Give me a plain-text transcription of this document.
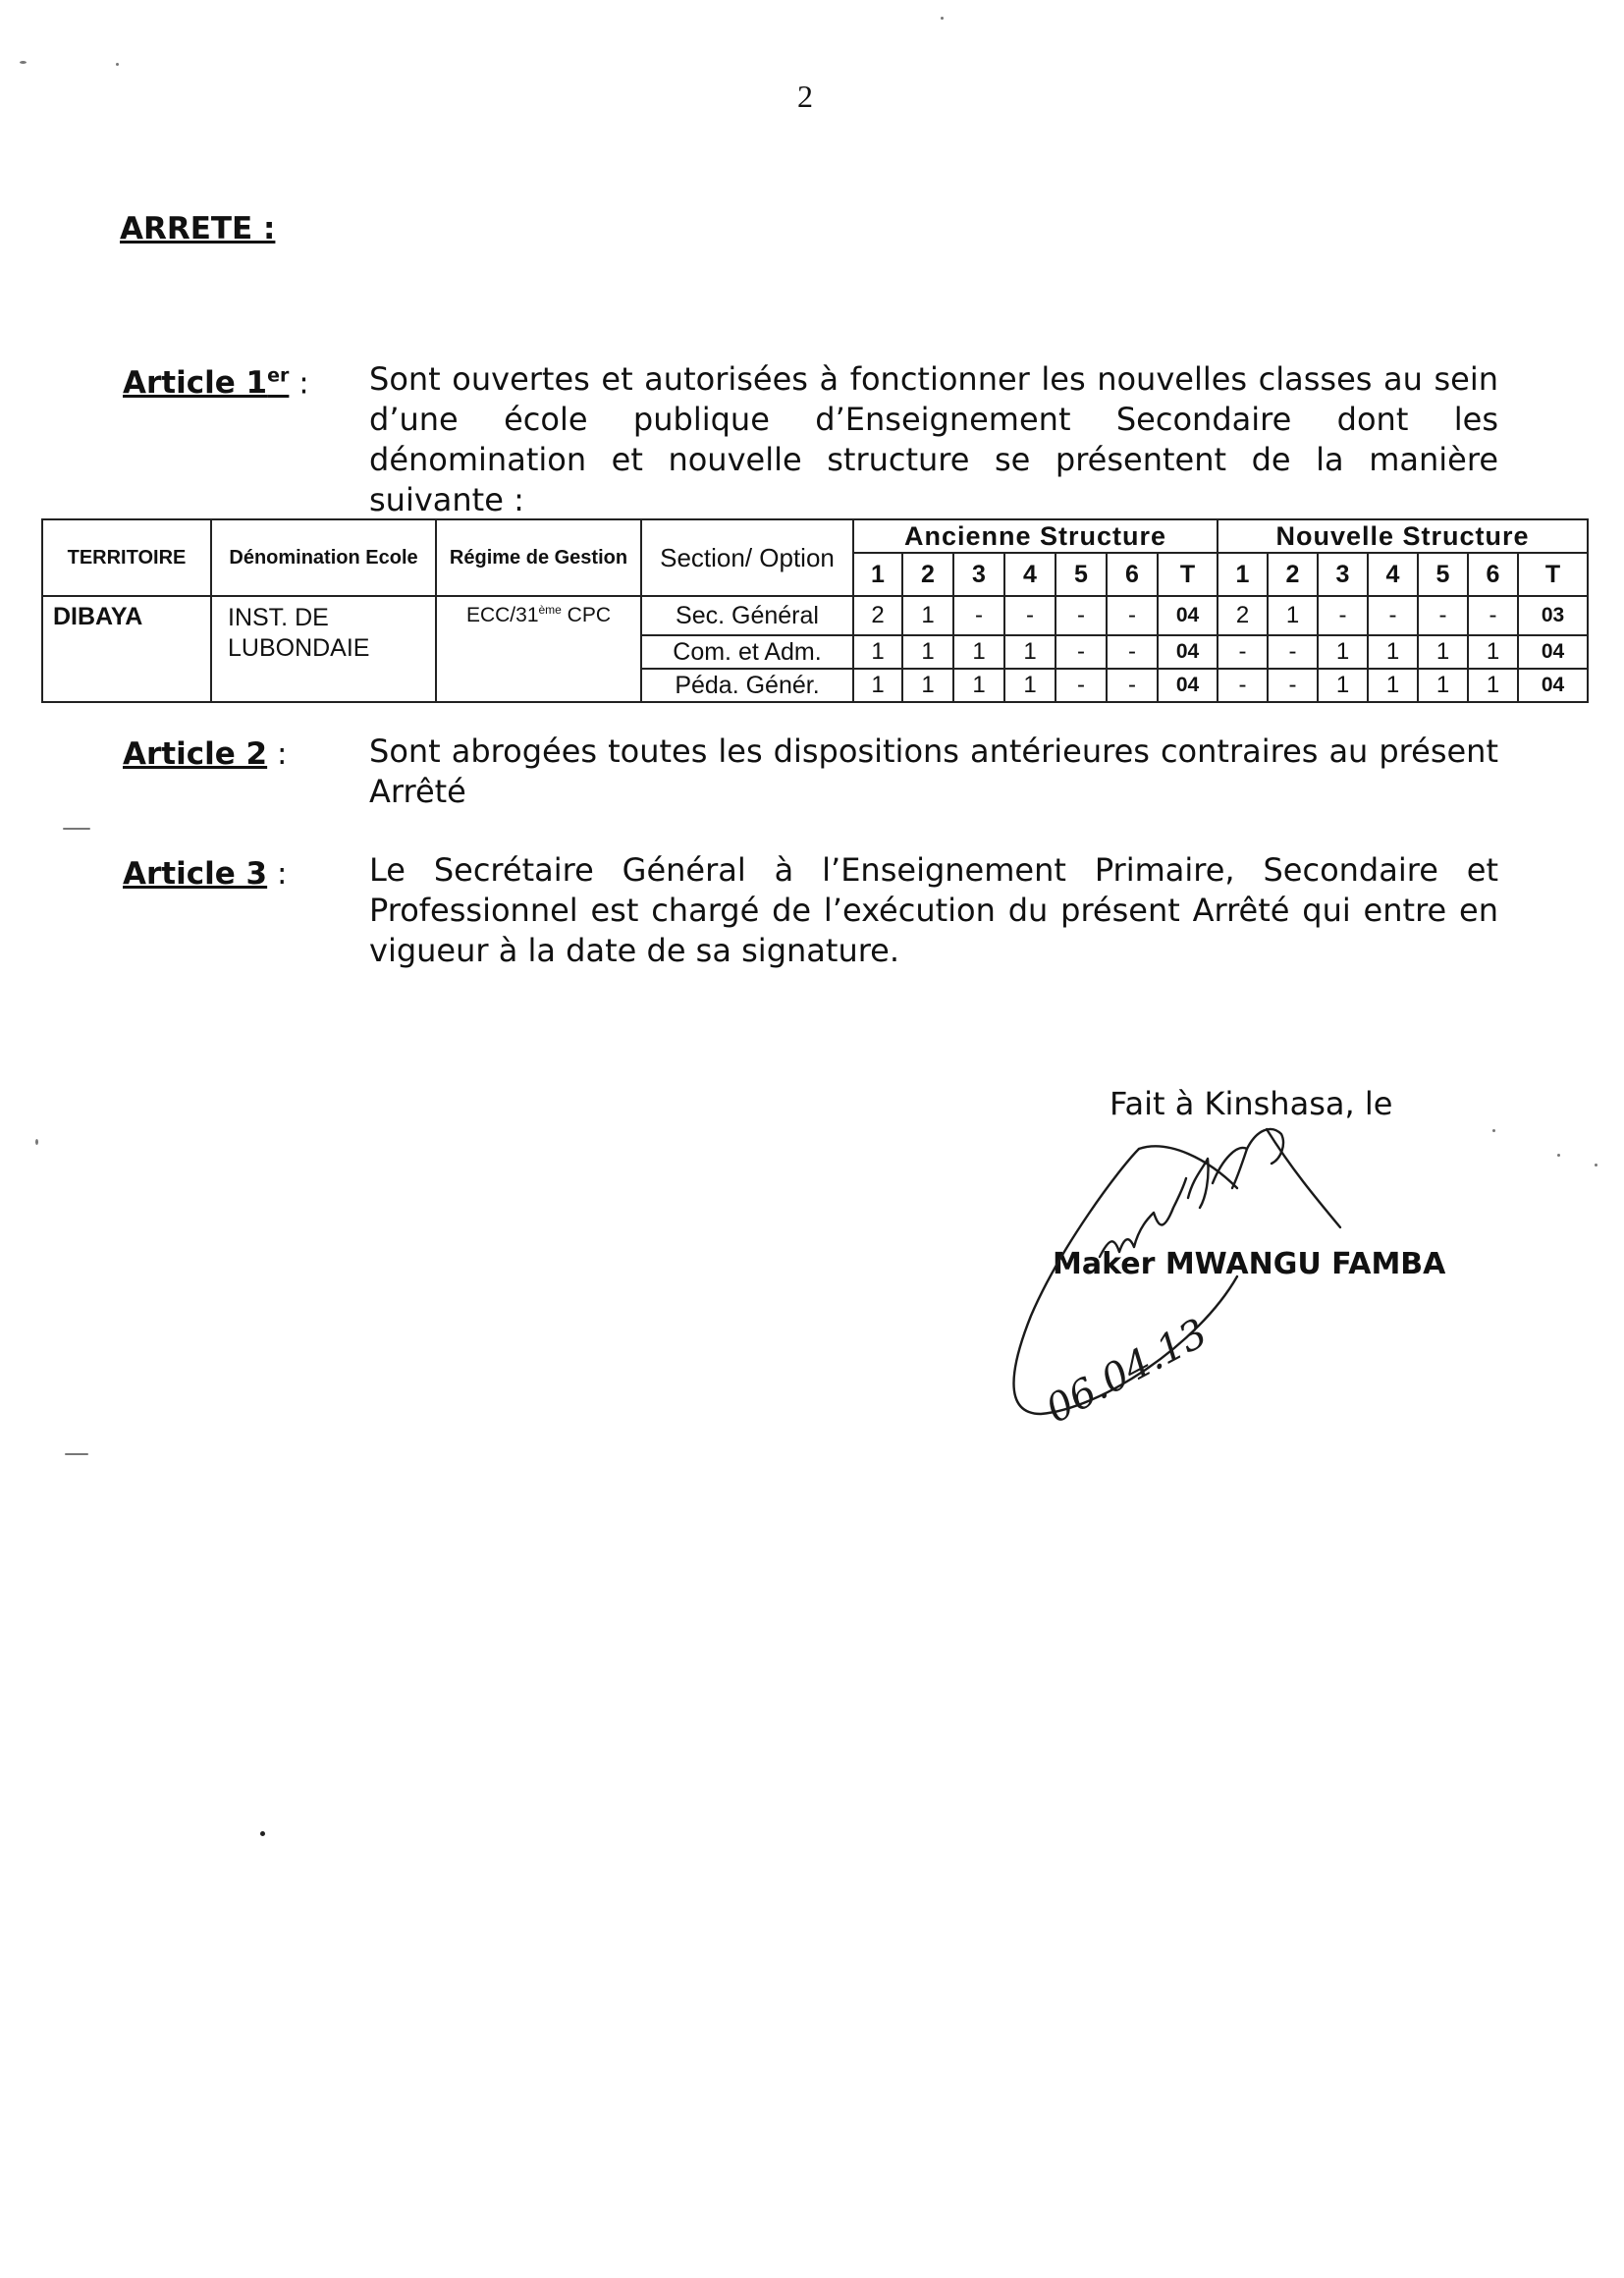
2
ARRETE :
Article 1er : Sont ouvertes et autorisées à fonctionner les nouvelles classes au sein d’une école publique d’Enseignement Secondaire dont les dénomination et nouvelle structure se présentent de la manière suivante :
TERRITOIRE	Dénomination Ecole	Régime de Gestion	Section/ Option	Ancienne Structure							Nouvelle Structure						
				1	2	3	4	5	6	T	1	2	3	4	5	6	T
DIBAYA	INST. DE LUBONDAIE	ECC/31ème CPC	Sec. Général	2	1	-	-	-	-	04	2	1	-	-	-	-	03
			Com. et Adm.	1	1	1	1	-	-	04	-	-	1	1	1	1	04
			Péda. Génér.	1	1	1	1	-	-	04	-	-	1	1	1	1	04
Article 2 :	Sont abrogées toutes les dispositions antérieures contraires au présent Arrêté
Article 3 :	Le Secrétaire Général à l’Enseignement Primaire, Secondaire et Professionnel est chargé de l’exécution du présent Arrêté qui entre en vigueur à la date de sa signature.
Fait à Kinshasa, le
Maker MWANGU FAMBA
06.04.13
